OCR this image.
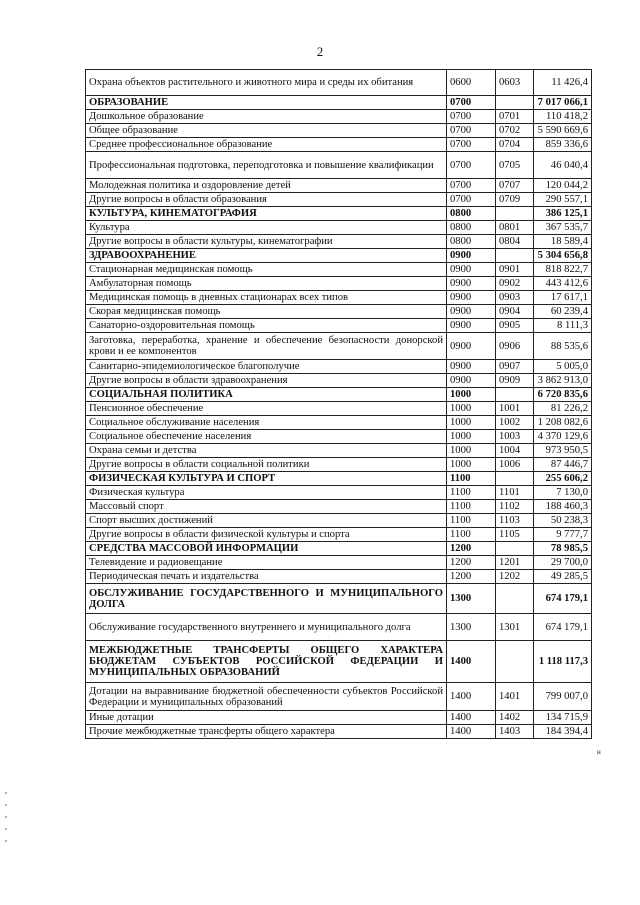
2
Охрана объектов растительного и животного мира и среды их обитания	0600	0603	11 426,4
ОБРАЗОВАНИЕ	0700		7 017 066,1
Дошкольное образование	0700	0701	110 418,2
Общее образование	0700	0702	5 590 669,6
Среднее профессиональное образование	0700	0704	859 336,6
Профессиональная подготовка, переподготовка и повышение квалификации	0700	0705	46 040,4
Молодежная политика и оздоровление детей	0700	0707	120 044,2
Другие вопросы в области образования	0700	0709	290 557,1
КУЛЬТУРА, КИНЕМАТОГРАФИЯ	0800		386 125,1
Культура	0800	0801	367 535,7
Другие вопросы в области культуры, кинематографии	0800	0804	18 589,4
ЗДРАВООХРАНЕНИЕ	0900		5 304 656,8
Стационарная медицинская помощь	0900	0901	818 822,7
Амбулаторная помощь	0900	0902	443 412,6
Медицинская помощь в дневных стационарах всех типов	0900	0903	17 617,1
Скорая медицинская помощь	0900	0904	60 239,4
Санаторно-оздоровительная помощь	0900	0905	8 111,3
Заготовка, переработка, хранение и обеспечение безопасности донорской крови и ее компонентов	0900	0906	88 535,6
Санитарно-эпидемиологическое благополучие	0900	0907	5 005,0
Другие вопросы в области здравоохранения	0900	0909	3 862 913,0
СОЦИАЛЬНАЯ ПОЛИТИКА	1000		6 720 835,6
Пенсионное обеспечение	1000	1001	81 226,2
Социальное обслуживание населения	1000	1002	1 208 082,6
Социальное обеспечение населения	1000	1003	4 370 129,6
Охрана семьи и детства	1000	1004	973 950,5
Другие вопросы в области социальной политики	1000	1006	87 446,7
ФИЗИЧЕСКАЯ КУЛЬТУРА И СПОРТ	1100		255 606,2
Физическая культура	1100	1101	7 130,0
Массовый спорт	1100	1102	188 460,3
Спорт высших достижений	1100	1103	50 238,3
Другие вопросы в области физической культуры и спорта	1100	1105	9 777,7
СРЕДСТВА МАССОВОЙ ИНФОРМАЦИИ	1200		78 985,5
Телевидение и радиовещание	1200	1201	29 700,0
Периодическая печать и издательства	1200	1202	49 285,5
ОБСЛУЖИВАНИЕ ГОСУДАРСТВЕННОГО И МУНИЦИПАЛЬНОГО ДОЛГА	1300		674 179,1
Обслуживание государственного внутреннего и муниципального долга	1300	1301	674 179,1
МЕЖБЮДЖЕТНЫЕ ТРАНСФЕРТЫ ОБЩЕГО ХАРАКТЕРА БЮДЖЕТАМ СУБЪЕКТОВ РОССИЙСКОЙ ФЕДЕРАЦИИ И МУНИЦИПАЛЬНЫХ ОБРАЗОВАНИЙ	1400		1 118 117,3
Дотации на выравнивание бюджетной обеспеченности субъектов Российской Федерации и муниципальных образований	1400	1401	799 007,0
Иные дотации	1400	1402	134 715,9
Прочие межбюджетные трансферты общего характера	1400	1403	184 394,4
н
